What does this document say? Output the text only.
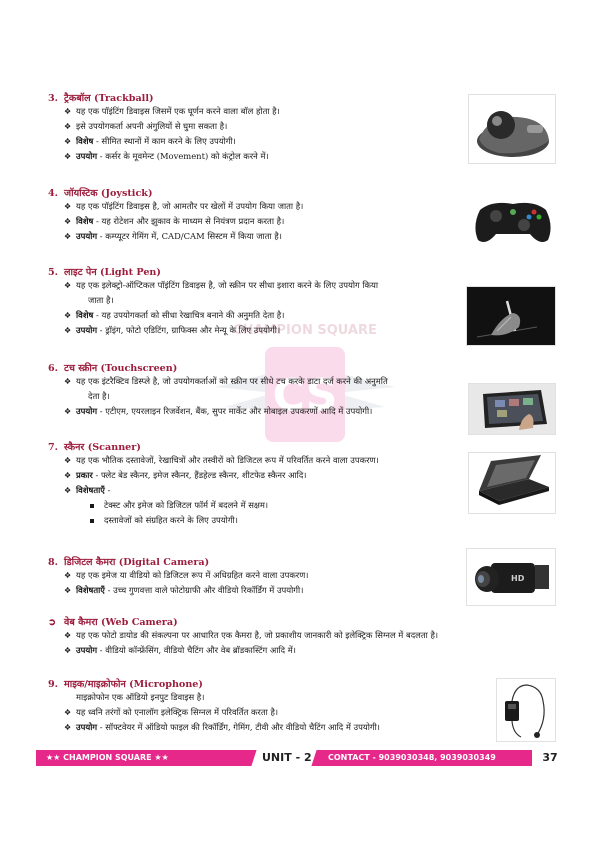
CS
CHAMPION SQUARE
3. ट्रैकबॉल (Trackball)
❖ यह एक पॉइंटिंग डिवाइस जिसमें एक घूर्णन करने वाला बॉल होता है।
❖ इसे उपयोगकर्ता अपनी अंगुलियों से घुमा सकता है।
❖ विशेष - सीमित स्थानों में काम करने के लिए उपयोगी।
❖ उपयोग - कर्सर के मूवमेन्ट (Movement) को कंट्रोल करने में।
4. जॉयस्टिक (Joystick)
❖ यह एक पॉइंटिंग डिवाइस है, जो आमतौर पर खेलों में उपयोग किया जाता है।
❖ विशेष - यह रोटेशन और झुकाव के माध्यम से नियंत्रण प्रदान करता है।
❖ उपयोग - कम्प्यूटर गेमिंग में, CAD/CAM सिस्टम में किया जाता है।
5. लाइट पेन (Light Pen)
❖ यह एक इलेक्ट्रो-ऑप्टिकल पॉइंटिंग डिवाइस है, जो स्क्रीन पर सीधा इशारा करने के लिए उपयोग किया
जाता है।
❖ विशेष - यह उपयोगकर्ता को सीधा रेखाचित्र बनाने की अनुमति देता है।
❖ उपयोग - ड्रॉइंग, फोटो एडिटिंग, ग्राफिक्स और मेन्यू के लिए उपयोगी।
6. टच स्क्रीन (Touchscreen)
❖ यह एक इंटरैक्टिव डिस्प्ले है, जो उपयोगकर्ताओं को स्क्रीन पर सीधे टच करके डाटा दर्ज करने की अनुमति
देता है।
❖ उपयोग - एटीएम, एयरलाइन रिजर्वेशन, बैंक, सुपर मार्केट और मोबाइल उपकरणों आदि में उपयोगी।
7. स्कैनर (Scanner)
❖ यह एक भौतिक दस्तावेजों, रेखाचित्रों और तस्वीरों को डिजिटल रूप में परिवर्तित करने वाला उपकरण।
❖ प्रकार - फ्लेट बेड स्कैनर, इमेज स्कैनर, हैंडहेल्ड स्कैनर, शीटफेड स्कैनर आदि।
❖ विशेषताएँ -
टेक्स्ट और इमेज को डिजिटल फॉर्म में बदलने में सक्षम।
दस्तावेजों को संग्रहित करने के लिए उपयोगी।
8. डिजिटल कैमरा (Digital Camera)
❖ यह एक इमेज या वीडियो को डिजिटल रूप में अधिग्रहित करने वाला उपकरण।
❖ विशेषताएँ - उच्च गुणवत्ता वाले फोटोग्राफी और वीडियो रिकॉर्डिंग में उपयोगी।
HD
➲ वेब कैमरा (Web Camera)
❖ यह एक फोटो डायोड की संकल्पना पर आधारित एक कैमरा है, जो प्रकाशीय जानकारी को इलेक्ट्रिक सिग्नल में बदलता है।
❖ उपयोग - वीडियो कॉन्फ्रेंसिंग, वीडियो चैटिंग और वेब ब्रॉडकास्टिंग आदि में।
9. माइक/माइक्रोफोन (Microphone)
माइक्रोफोन एक ऑडियो इनपुट डिवाइस है।
❖ यह ध्वनि तरंगों को एनालॉग इलेक्ट्रिक सिग्नल में परिवर्तित करता है।
❖ उपयोग - सॉफ्टवेयर में ऑडियो फाइल की रिकॉर्डिंग, गेमिंग, टीवी और वीडियो चैटिंग आदि में उपयोगी।
★★ CHAMPION SQUARE ★★	UNIT - 2 CONTACT - 9039030348, 9039030349	37
